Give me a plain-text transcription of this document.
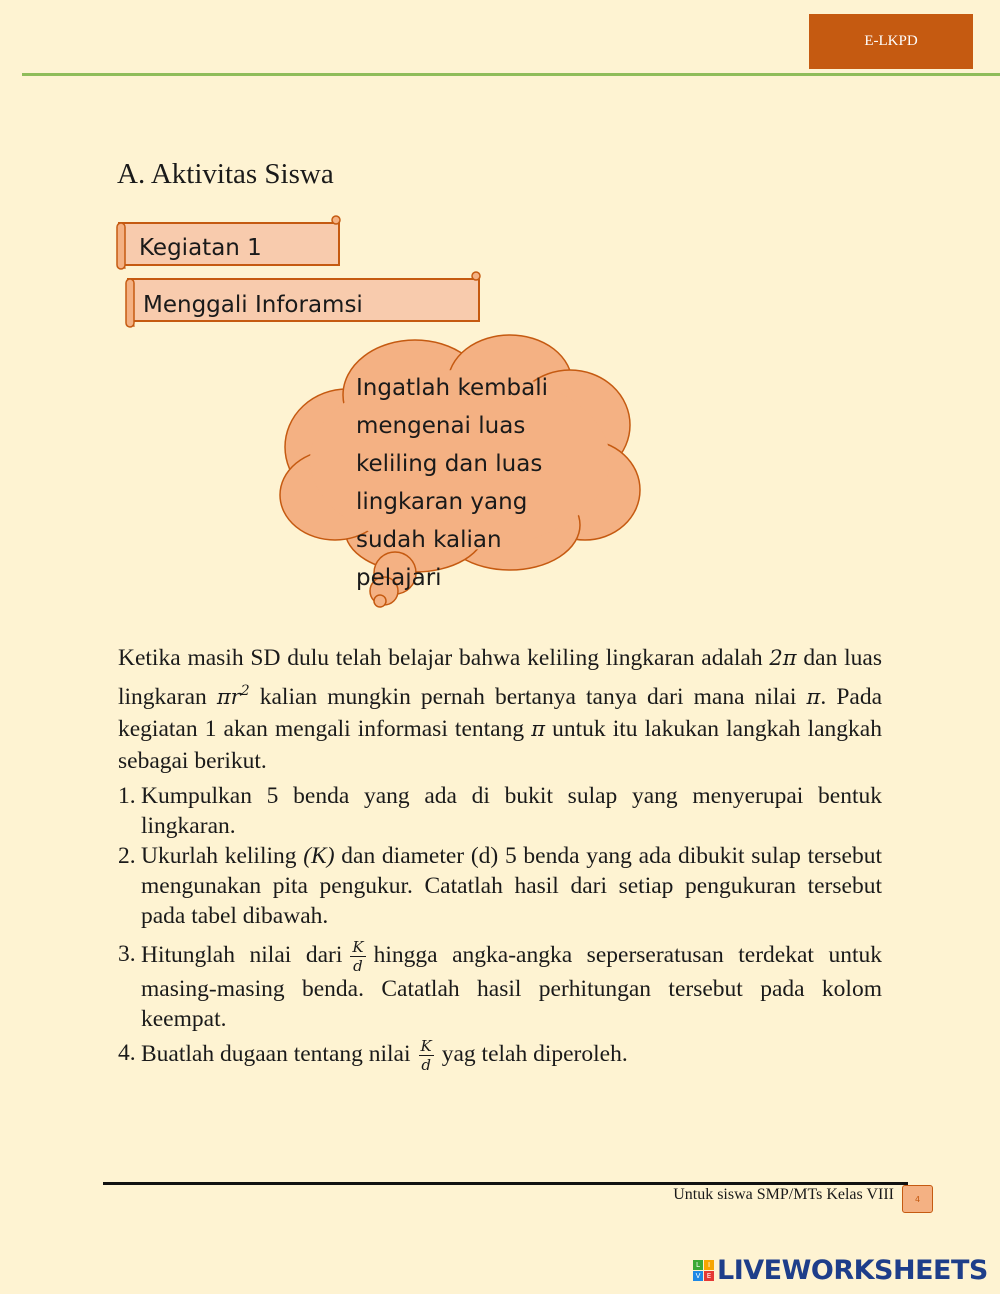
E-LKPD
A. Aktivitas Siswa
Kegiatan 1
Menggali Inforamsi
Ingatlah kembali mengenai luas keliling dan luas lingkaran yang sudah kalian pelajari
Ketika masih SD dulu telah belajar bahwa keliling lingkaran adalah 2π dan luas lingkaran $\pi r^2$ kalian mungkin pernah bertanya tanya dari mana nilai π. Pada kegiatan 1 akan mengali informasi tentang π untuk itu lakukan langkah langkah sebagai berikut.
1. Kumpulkan 5 benda yang ada di bukit sulap yang menyerupai bentuk lingkaran.
2. Ukurlah keliling (K) dan diameter (d) 5 benda yang ada dibukit sulap tersebut mengunakan pita pengukur. Catatlah hasil dari setiap pengukuran tersebut pada tabel dibawah.
3. Hitunglah nilai dari $\frac{K}{d}$ hingga angka-angka seperseratusan terdekat untuk masing-masing benda. Catatlah hasil perhitungan tersebut pada kolom keempat.
4. Buatlah dugaan tentang nilai $\frac{K}{d}$ yag telah diperoleh.
Untuk siswa SMP/MTs Kelas VIII	4
L	I
V E LIVEWORKSHEETS
